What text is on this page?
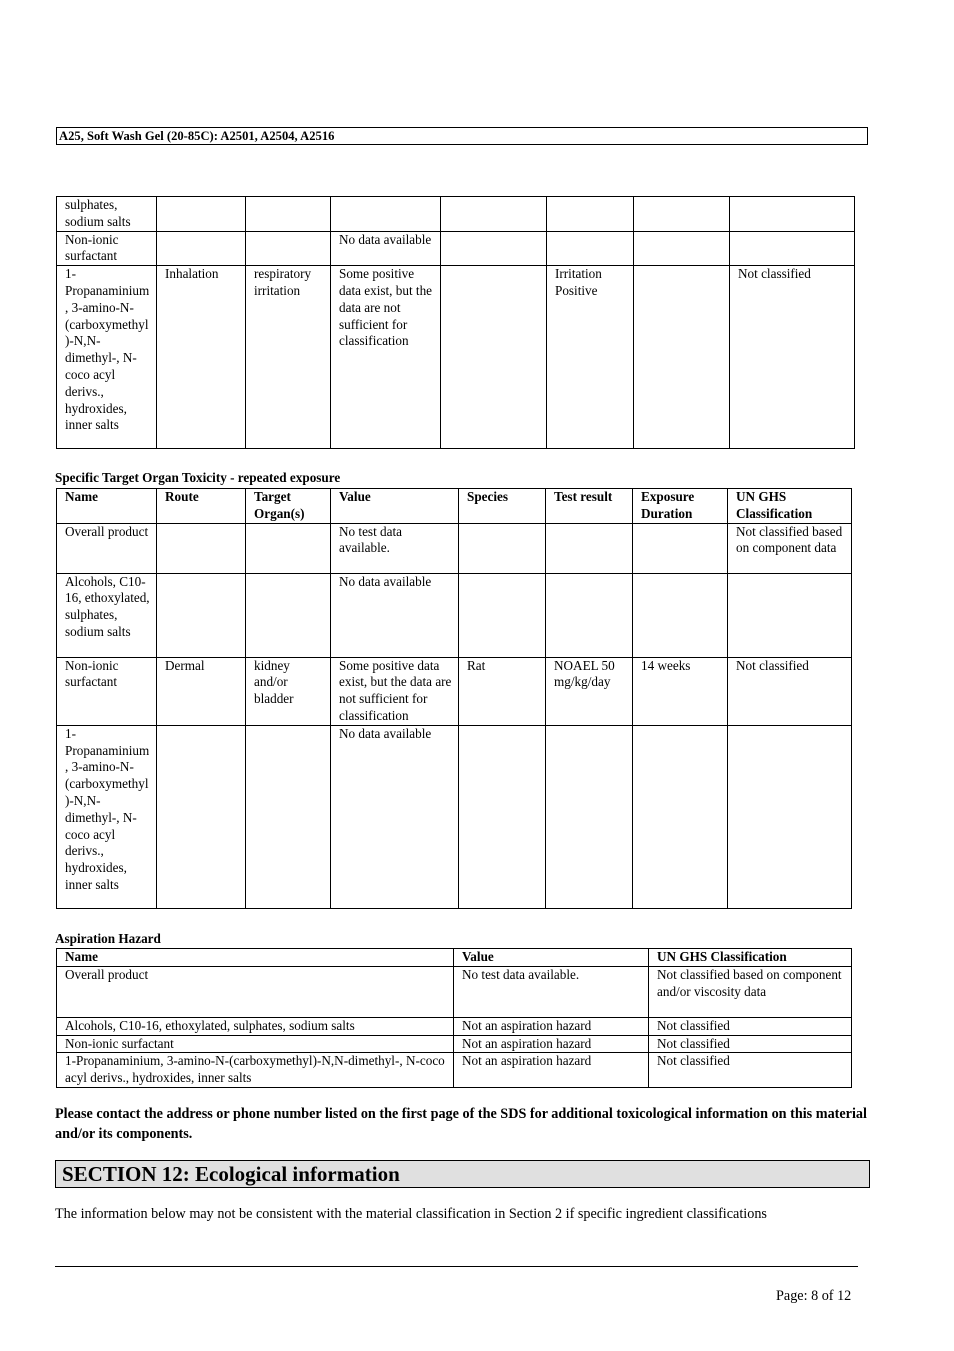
A25, Soft Wash Gel (20-85C): A2501, A2504, A2516
sulphates, sodium salts							
Non-ionic surfactant			No data available				
1-Propanaminium, 3-amino-N-(carboxymethyl)-N,N-dimethyl-, N-coco acyl derivs., hydroxides, inner salts	Inhalation	respiratory irritation	Some positive data exist, but the data are not sufficient for classification		Irritation Positive		Not classified
Specific Target Organ Toxicity - repeated exposure
Name	Route	Target Organ(s)	Value	Species	Test result	Exposure Duration	UN GHS Classification
Overall product			No test data available.				Not classified based on component data
Alcohols, C10-16, ethoxylated, sulphates, sodium salts			No data available				
Non-ionic surfactant	Dermal	kidney and/or bladder	Some positive data exist, but the data are not sufficient for classification	Rat	NOAEL 50 mg/kg/day	14 weeks	Not classified
1-Propanaminium, 3-amino-N-(carboxymethyl)-N,N-dimethyl-, N-coco acyl derivs., hydroxides, inner salts			No data available				
Aspiration Hazard
Name	Value	UN GHS Classification
Overall product	No test data available.	Not classified based on component and/or viscosity data
Alcohols, C10-16, ethoxylated, sulphates, sodium salts	Not an aspiration hazard	Not classified
Non-ionic surfactant	Not an aspiration hazard	Not classified
1-Propanaminium, 3-amino-N-(carboxymethyl)-N,N-dimethyl-, N-coco acyl derivs., hydroxides, inner salts	Not an aspiration hazard	Not classified
Please contact the address or phone number listed on the first page of the SDS for additional toxicological information on this material and/or its components.
SECTION 12: Ecological information
The information below may not be consistent with the material classification in Section 2 if specific ingredient classifications
Page: 8 of 12
